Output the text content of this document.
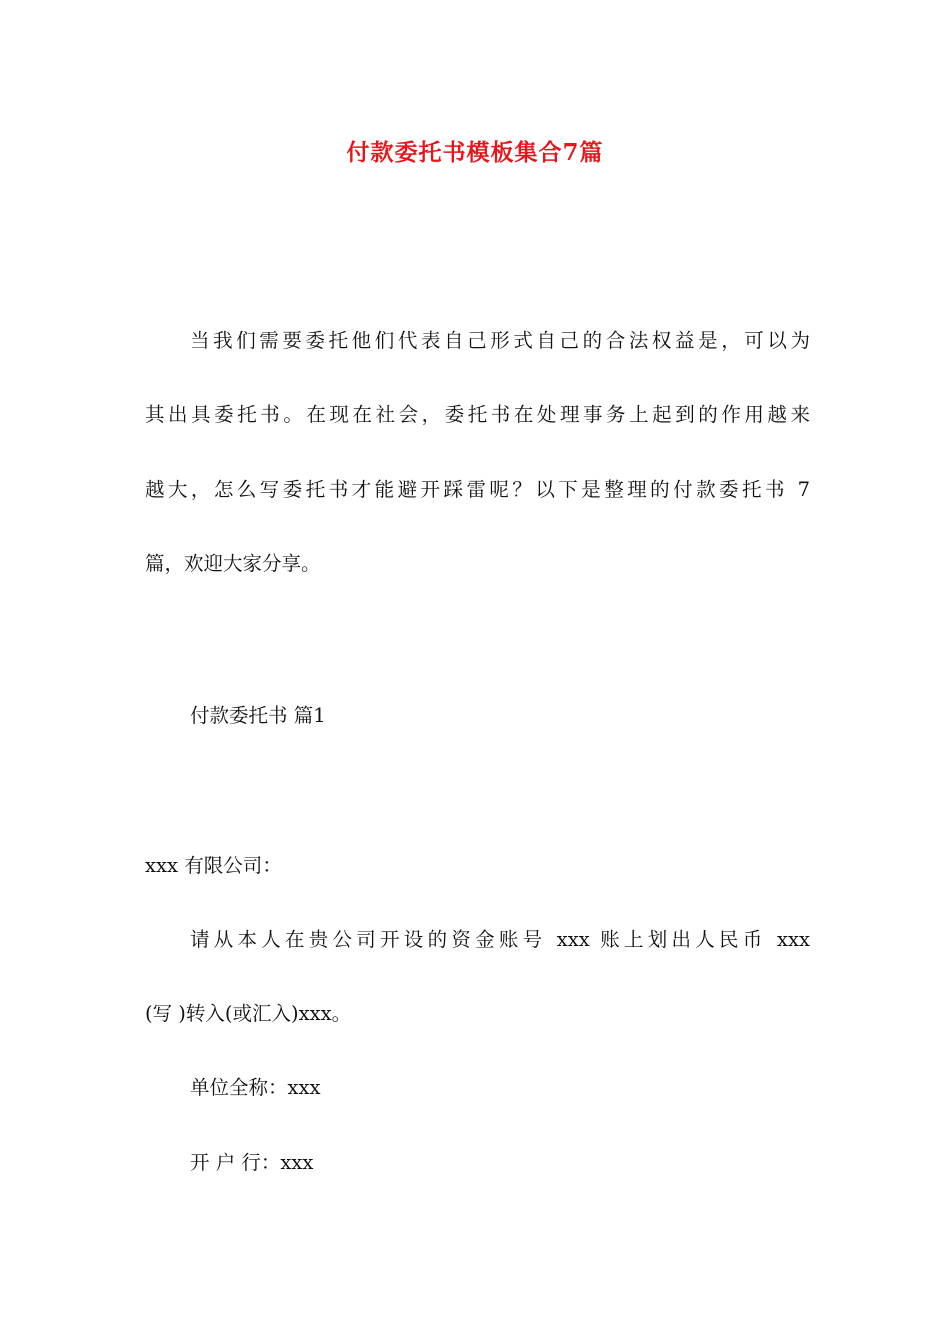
付款委托书模板集合7篇
当我们需要委托他们代表自己形式自己的合法权益是，可以为
其出具委托书。在现在社会，委托书在处理事务上起到的作用越来
越大，怎么写委托书才能避开踩雷呢？以下是整理的付款委托书 7
篇，欢迎大家分享。
付款委托书 篇1
xxx 有限公司：
请从本人在贵公司开设的资金账号 xxx 账上划出人民币 xxx
(写 )转入(或汇入)xxx。
单位全称：xxx
开 户 行：xxx
